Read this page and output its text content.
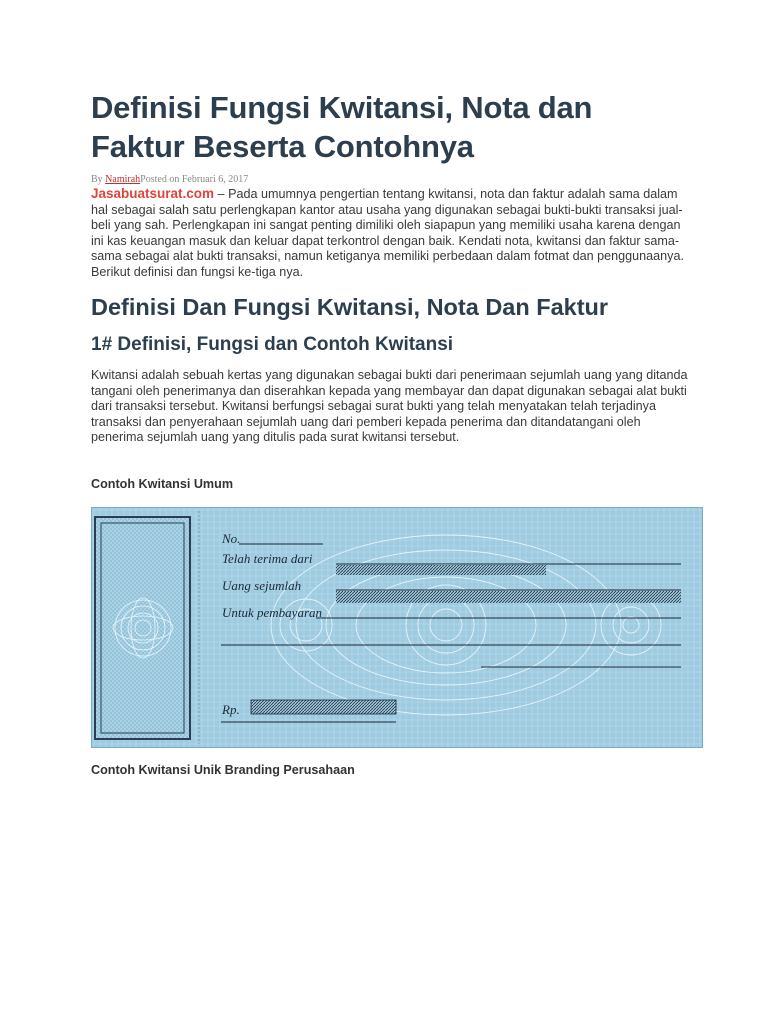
Definisi Fungsi Kwitansi, Nota dan Faktur Beserta Contohnya
By NamirahPosted on Februari 6, 2017

Jasabuatsurat.com – Pada umumnya pengertian tentang kwitansi, nota dan faktur adalah sama dalam hal sebagai salah satu perlengkapan kantor atau usaha yang digunakan sebagai bukti-bukti transaksi jual-beli yang sah. Perlengkapan ini sangat penting dimiliki oleh siapapun yang memiliki usaha karena dengan ini kas keuangan masuk dan keluar dapat terkontrol dengan baik. Kendati nota, kwitansi dan faktur sama-sama sebagai alat bukti transaksi, namun ketiganya memiliki perbedaan dalam fotmat dan penggunaanya. Berikut definisi dan fungsi ke-tiga nya.

Definisi Dan Fungsi Kwitansi, Nota Dan Faktur
1# Definisi, Fungsi dan Contoh Kwitansi

Kwitansi adalah sebuah kertas yang digunakan sebagai bukti dari penerimaan sejumlah uang yang ditanda tangani oleh penerimanya dan diserahkan kepada yang membayar dan dapat digunakan sebagai alat bukti dari transaksi tersebut. Kwitansi berfungsi sebagai surat bukti yang telah menyatakan telah terjadinya transaksi dan penyerahaan sejumlah uang dari pemberi kepada penerima dan ditandatangani oleh penerima sejumlah uang yang ditulis pada surat kwitansi tersebut.

Contoh Kwitansi Umum

No.
Telah terima dari
Uang sejumlah
Untuk pembayaran
Rp.

Contoh Kwitansi Unik Branding Perusahaan
